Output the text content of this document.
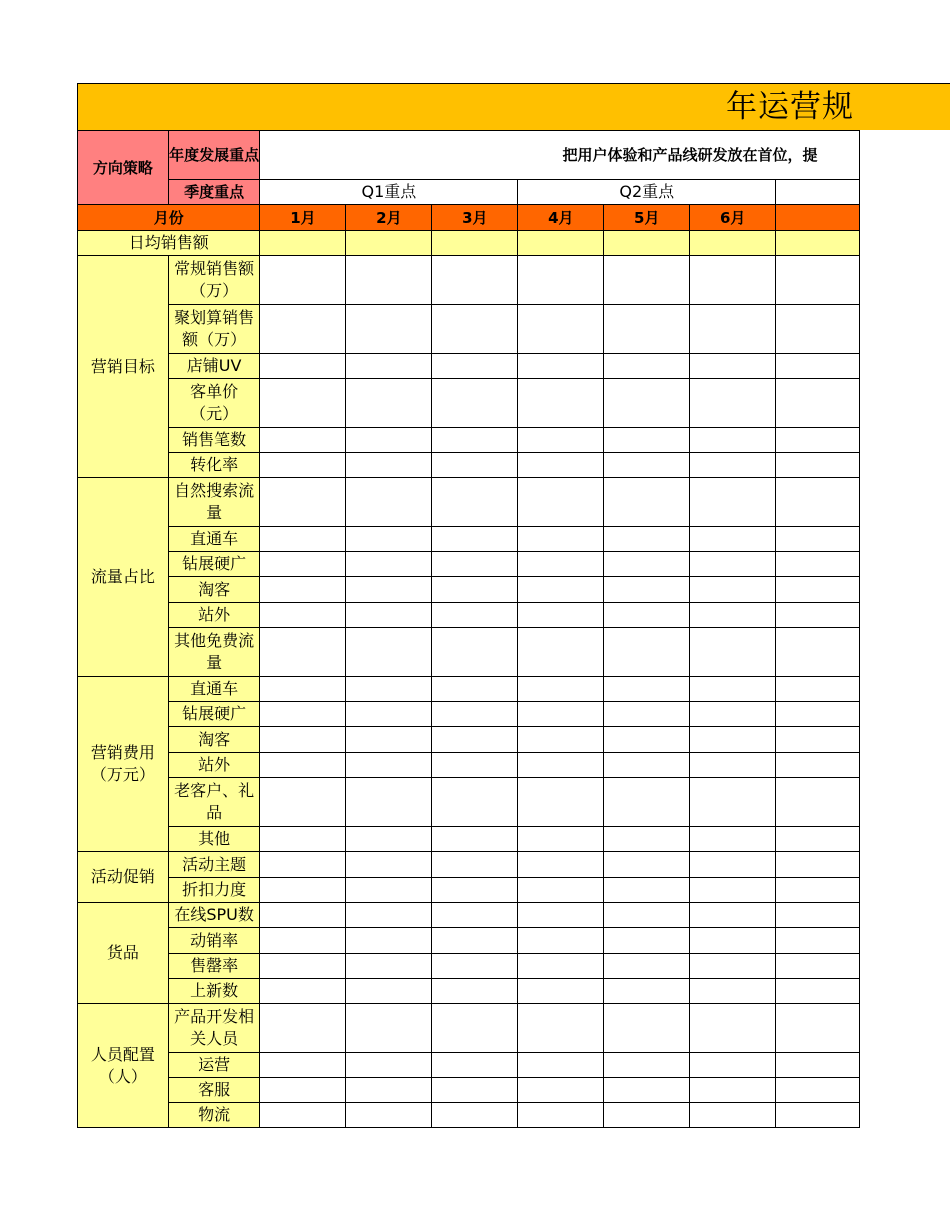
年运营规
方向策略	年度发展重点	把用户体验和产品线研发放在首位，提						

	季度重点	Q1重点			Q2重点			
月份		1月	2月	3月	4月	5月	6月	
日均销售额								
营销目标	常规销售额（万）							
	聚划算销售额（万）							
	店铺UV							
	客单价（元）							
	销售笔数							
	转化率							
流量占比	自然搜索流量							
	直通车							
	钻展硬广							
	淘客							
	站外							
	其他免费流量							
营销费用（万元）	直通车							
	钻展硬广							
	淘客							
	站外							
	老客户、礼品							
	其他							
活动促销	活动主题							
	折扣力度							
货品	在线SPU数							
	动销率							
	售罄率							
	上新数							
人员配置（人）	产品开发相关人员							
	运营							
	客服							
	物流							
